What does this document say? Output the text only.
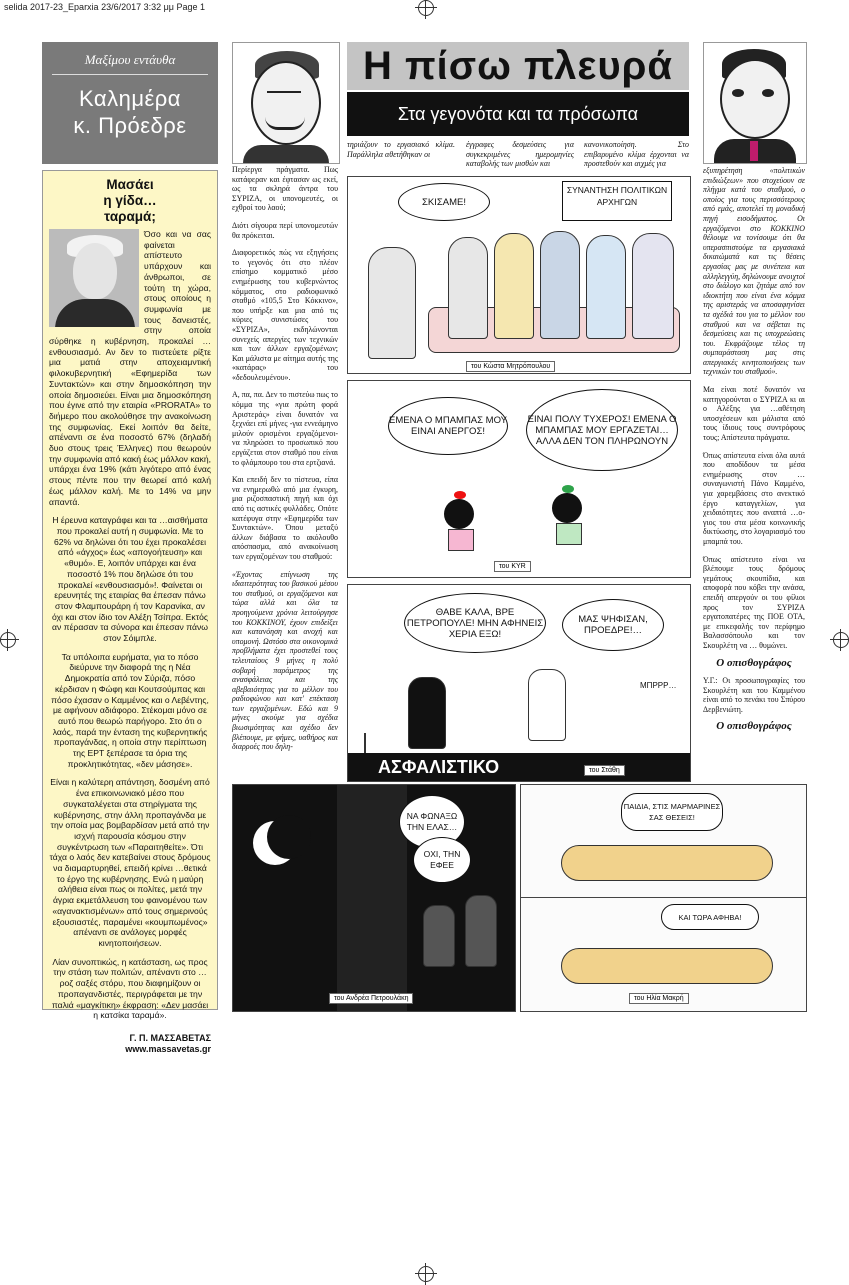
selida 2017-23_Eparxia 23/6/2017 3:32 μμ Page 1
Μαξίμου εντάυθα
Καλημέρα
κ. Πρόεδρε
Μασάει
η γίδα…
ταραμά;

Όσο και να σας φαίνεται απίστευτο υπάρχουν και άνθρωποι, σε τούτη τη χώρα, στους οποίους η συμφωνία με τους δανειστές, στην οποία σύρθηκε η κυβέρνηση, προκαλεί …ενθουσιασμό. Αν δεν το πιστεύετε ρίξτε μια ματιά στην αποχειαμντική φιλοκυβερνητική «Εφημερίδα των Συντακτών» και στην δημοσκόπηση την οποία δημοσιεύει. Είναι μια δημοσκόπηση που έγινε από την εταιρία «PRORATA» το διήμερο που ακολούθησε την ανακοίνωση της συμφωνίας. Εκεί λοιπόν θα δείτε, απέναντι σε ένα ποσοστό 67% (δηλαδή δυο στους τρεις Έλληνες) που θεωρούν την συμφωνία από κακή έως μάλλον κακή, υπάρχει ένα 19% (κάτι λιγότερο από ένας στους πέντε που την θεωρεί από καλή έως μάλλον καλή. Με το 14% να μην απαντά.

Η έρευνα καταγράφει και τα …αισθήματα που προκαλεί αυτή η συμφωνία. Με το 62% να δηλώνει ότι του έχει προκαλέσει από «άγχος» έως «απογοήτευση» και «θυμό». Ε, λοιπόν υπάρχει και ένα ποσοστό 1% που δηλώσε ότι του προκαλεί «ενθουσιασμό»!. Φαίνεται οι ερευνητές της εταιρίας θα έπεσαν πάνω στον Φλαμπουράρη ή τον Καρανίκα, αν όχι και στον ίδιο τον Αλέξη Τσίπρα. Εκτός αν πέρασαν τα σύνορα και έπεσαν πάνω στον Σόιμπλε.

Τα υπόλοιπα ευρήματα, για το πόσο διεύρυνε την διαφορά της η Νέα Δημοκρατία από τον Σύριζα, πόσο κέρδισαν η Φώφη και Κουτσούμπας και πόσο έχασαν ο Καμμένος και ο Λεβέντης, με αφήνουν αδιάφορο. Στέκομαι μόνο σε αυτό που θεωρώ παρήγορο. Στο ότι ο λαός, παρά την ένταση της κυβερνητικής προπαγάνδας, η οποία στην περίπτωση της ΕΡΤ ξεπέρασε τα όρια της προκλητικότητας, «δεν μάσησε».

Είναι η καλύτερη απάντηση, δοσμένη από ένα επικοινωνιακό μέσο που συγκαταλέγεται στα στηρίγματα της κυβέρνησης, στην άλλη προπαγάνδα με την οποία μας βομβαρδίσαν μετά από την ισχνή παρουσία κόσμου στην συγκέντρωση των «Παραιτηθείτε». Ότι τάχα ο λαός δεν κατεβαίνει στους δρόμους να διαμαρτυρηθεί, επειδή κρίνει …θετικά το έργο της κυβέρνησης. Ενώ η μαύρη αλήθεια είναι πως οι πολίτες, μετά την άγρια εκμετάλλευση του φαινομένου των «αγανακτισμένων» από τους σημερινούς εξουσιαστές, παραμένει «κουμπωμένος» απέναντι σε ανάλογες μορφές κινητοποιήσεων.

Λίαν συνοπτικώς, η κατάσταση, ως προς την στάση των πολιτών, απέναντι στο …ροζ σαξές στόρυ, που διαφημίζουν οι προπαγανδιστές, περιγράφεται με την παλιά «μαγκίτικη» έκφραση: «Δεν μασάει η κατσίκα ταραμά».

Γ. Π. ΜΑΣΣΑΒΕΤΑΣ
www.massavetas.gr
Η πίσω πλευρά
Στα γεγονότα και τα πρόσωπα
τηριάζουν το εργασιακό κλίμα. Παράλληλα αθετήθηκαν οι
έγγραφες δεσμεύσεις για συγκεκριμένες ημερομηνίες καταβολής των μισθών και
κανονικοποίηση. Στο επιβαρυμένο κλίμα έρχονται να προστεθούν και αιχμές για

Περίεργα πράγματα. Πως κατάφεραν και έφτασαν ως εκεί, ως τα σκληρά άντρα του ΣΥΡΙΖΑ, οι υπονομευτές, οι εχθροί του λαού;

Διότι σίγουρα περί υπονομευτών θα πρόκειται.

Διαφορετικός πώς να εξηγήσεις το γεγονός ότι στο πλέον επίσημο κομματικό μέσο ενημέρωσης του κυβερνώντος κόμματος, στο ραδιοφωνικό σταθμό «105,5 Στο Κόκκινο», που υπήρξε και μια από τις κύριες συνιστώσες του «ΣΥΡΙΖΑ», εκδηλώνονται συνεχείς απεργίες των τεχνικών και των άλλων εργαζομένων; Και μάλιστα με αίτημα αυτής της «κατάρας» του «δεδουλευμένου».

Α, πα, πα. Δεν το πιστεύω πως το κόμμα της «για πρώτη φορά Αριστεράς» είναι δυνατόν να ξεχνάει επί μήνες -για εννεάμηνο μιλούν ορισμένοι εργαζόμενοι- να πληρώσει το προσωπικό που εργάζεται στον σταθμό που είναι το φλάμπουρο του στα ερτζιανά.

Και επειδή δεν το πίστευα, είπα να ενημερωθώ από μια έγκυρη, μια ριζοσπαστική πηγή και όχι από τις αστικές φυλλάδες. Οπότε κατέφυγα στην «Εφημερίδα των Συντακτών». Όπου μεταξύ άλλων διάβασα το ακόλουθο απόσπασμα, από ανακοίνωση των εργαζομένων του σταθμού:

«Έχοντας επίγνωση της ιδιαιτερότητας του βασικού μέσου του σταθμού, οι εργαζόμενοι και τώρα αλλά και όλα τα προηγούμενα χρόνια λειτούργησε του ΚΟΚΚΙΝΟΥ, έχουν επιδείξει και κατανόηση και ανοχή και υπομονή. Ωστόσο στα οικονομικά προβλήματα έχει προστεθεί τους τελευταίους 9 μήνες η πολύ σοβαρή παράμετρος της ανασφάλειας και της αβεβαιότητας για το μέλλον του ραδιοφώνου και κατ' επέκταση των εργαζομένων. Εδώ και 9 μήνες ακούμε για σχέδια βιωσιμότητας και σχέδιο δεν βλέπουμε, με φήμες, υαθήρος και διαρροές που δηλη-

ΣΚΙΣΑΜΕ!
ΣΥΝΑΝΤΗΣΗ ΠΟΛΙΤΙΚΩΝ ΑΡΧΗΓΩΝ
του Κώστα Μητρόπουλου
ΕΜΕΝΑ Ο ΜΠΑΜΠΑΣ ΜΟΥ ΕΙΝΑΙ ΑΝΕΡΓΟΣ!
ΕΙΝΑΙ ΠΟΛΥ ΤΥΧΕΡΟΣ! ΕΜΕΝΑ Ο ΜΠΑΜΠΑΣ ΜΟΥ ΕΡΓΑΖΕΤΑΙ…ΑΛΛΑ ΔΕΝ ΤΟΝ ΠΛΗΡΩΝΟΥΝ
του KYR
ΘΑΒΕ ΚΑΛΑ, ΒΡΕ ΠΕΤΡΟΠΟΥΛΕ! ΜΗΝ ΑΦΗΝΕΙΣ ΧΕΡΙΑ ΕΞΩ!
ΜΑΣ ΨΗΦΙΣΑΝ, ΠΡΟΕΔΡΕ!…
ΜΠΡΡΡ…
ΑΣΦΑΛΙΣΤΙΚΟ	του Στάθη
ΝΑ ΦΩΝΑΞΩ ΤΗΝ ΕΛΑΣ…
ΟΧΙ, ΤΗΝ ΕΦΕΕ
του Ανδρέα Πετρουλάκη
ΠΑΙΔΙΑ, ΣΤΙΣ ΜΑΡΜΑΡΙΝΕΣ ΣΑΣ ΘΕΣΕΙΣ!
ΚΑΙ ΤΩΡΑ ΑΦΗΒΑ!
του Ηλία Μακρή

εξυπηρέτηση «πολιτικών επιδιώξεων» που στοχεύουν σε πλήγμα κατά του σταθμού, ο οποίος για τους περισσότερους από εμάς, αποτελεί τη μοναδική πηγή εισοδήματος. Οι εργαζόμενοι στο ΚΟΚΚΙΝΟ θέλουμε να τονίσουμε ότι θα υπερασπιστούμε τα εργασιακά δικαιώματά και τις θέσεις εργασίας μας με συνέπεια και αλληλεγγύη, δηλώνουμε ανοιχτοί στο διάλογο και ζητάμε από τον ιδιοκτήτη που είναι ένα κόμμα της αριστεράς να αποσαφηνίσει τα σχέδιά του για το μέλλον του σταθμού και να σέβεται τις δεσμεύσεις και τις υποχρεώσεις του. Εκφράζουμε τέλος τη συμπαράσταση μας στις απεργιακές κινητοποιήσεις των τεχνικών του σταθμού».

Μα είναι ποτέ δυνατόν να κατηγορούνται ο ΣΥΡΙΖΑ κι αι ο Αλέξης για …αθέτηση υποσχέσεων και μάλιστα από τους ίδιους τους συντρόφους τους; Απίστευτα πράγματα.

Όπως απίστευτα είναι όλα αυτά που αποδίδουν τα μέσα ενημέρωσης στον …συναγωνιστή Πάνο Καμμένο, για χαρεμβάσεις στο ανεκτικό έργο καταγγελίων, για χειδαιότητες που αναπτά …ο-γιος του στα μέσα κοινωνικής δικτύωσης, στο λογαριασμό του μπαμπά του.

Όπως απίστευτο είναι να βλέπουμε τους δρόμους γεμάτους σκουπίδια, και αποφορά που κόβει την ανάσα, επειδή απεργούν οι του φίλιοι προς τον ΣΥΡΙΖΑ εργατοπατέρες της ΠΟΕ ΟΤΑ, με επικεφαλής τον περίφημο Βαλασσόπουλο και τον Σκουρλέτη να … θυμώνει.

Ο οπισθογράφος

Υ.Γ.: Οι προσωπογραφίες του Σκουρλέτη και του Καμμένου είναι από το πενάκι του Σπύρου Δερβενιώτη.

Ο οπισθογράφος
